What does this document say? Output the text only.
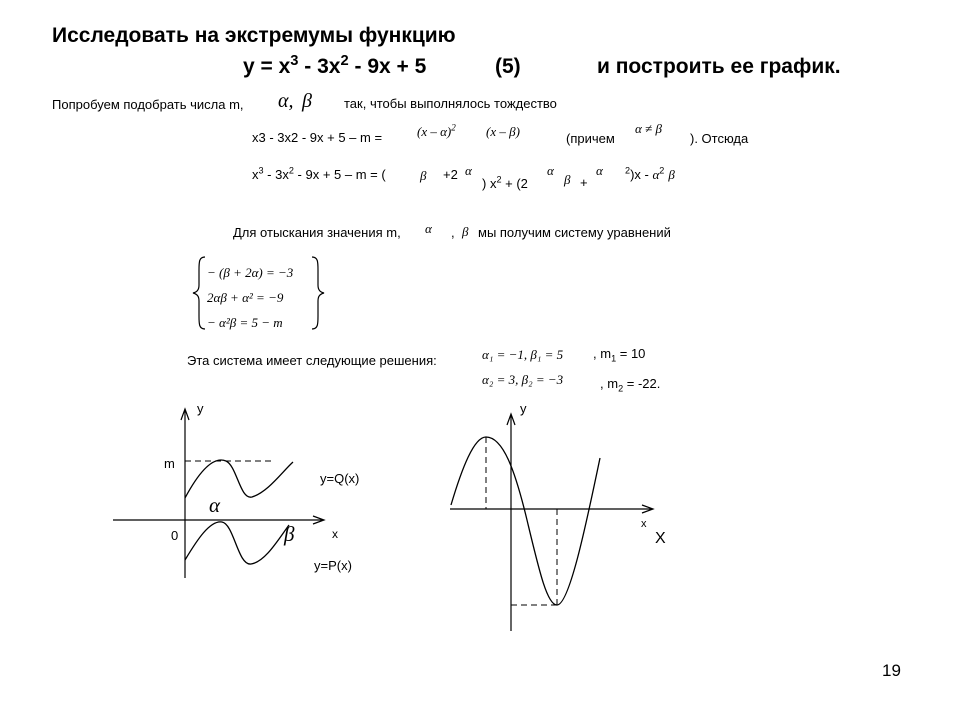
Исследовать на экстремумы функцию
$y = x^3 - 3x^2 - 9x + 5$	(5)	и построить ее график.
Попробуем подобрать числа m, α, β так, чтобы выполнялось тождество
x3 - 3x2 - 9x + 5 – m =	(x – α)$^2$ (x – β)	(причем
α ≠ β
). Отсюда
$x^3 - 3x^2 - 9x + 5 - m$ = (	β +2 α
) $x^2 + (2$
α
β +
α $^2)x - \alpha^2$ β
Для отыскания значения m, α , β мы получим систему уравнений
− (β + 2α) = −3
2αβ + α² = −9
− α²β = 5 − m
Эта система имеет следующие решения:	α₁ = −1, β₁ = 5 , $m_1 = 10$
α₂ = 3, β₂ = −3	, $m_2 = -22$.
y
m
0	x
α
β
y=Q(x)
y=P(x)
y
x
X
19
